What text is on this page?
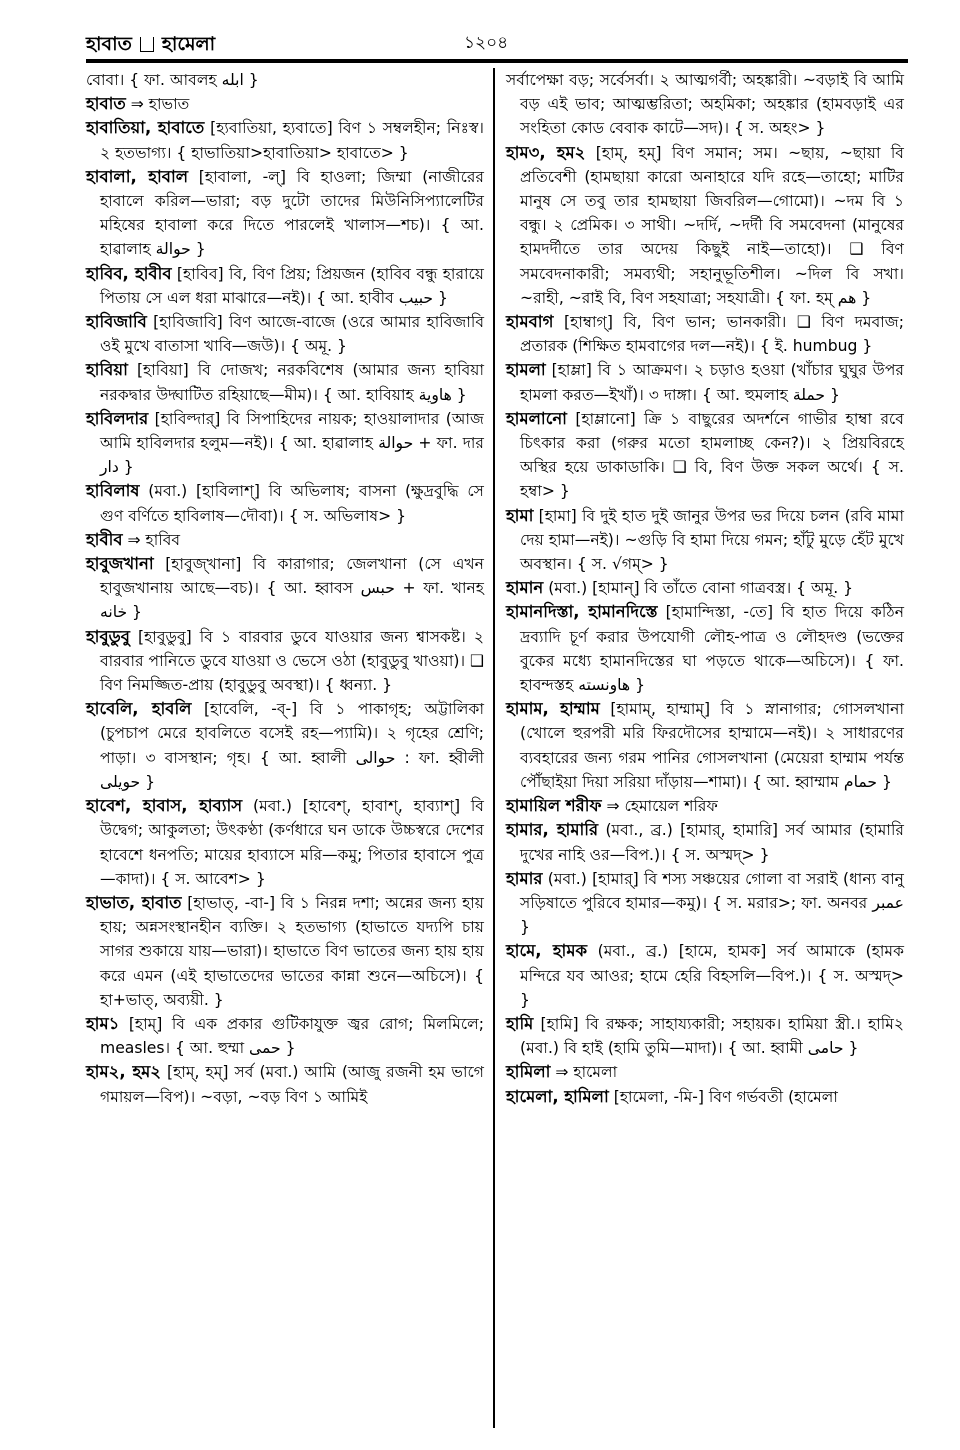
হাবাত হামেলা	১২০৪

বোবা। { ফা. আবলহ ابله }

হাবাত ⇒ হাভাত

হাবাতিয়া, হাবাতে [হ্যবাতিয়া, হ্যবাতে] বিণ ১ সম্বলহীন; নিঃস্ব। ২ হতভাগ্য। { হাভাতিয়া>হাবাতিয়া> হাবাতে> }

হাবালা, হাবাল [হাবালা, -ল্] বি হাওলা; জিম্মা (নাজীরের হাবালে করিল—ভারা; বড় দুটো তাদের মিউনিসিপ্যালেটির মহিষের হাবালা করে দিতে পারলেই খালাস—শচ)। { আ. হাৱালাহ حوالة }

হাবিব, হাবীব [হাবিব] বি, বিণ প্রিয়; প্রিয়জন (হাবিব বন্ধু হারায়ে পিতায় সে এল ধরা মাঝারে—নই)। { আ. হাবীব حبيب }

হাবিজাবি [হাবিজাবি] বিণ আজে-বাজে (ওরে আমার হাবিজাবি ওই মুখে বাতাসা খাবি—জউ)। { অমূ. }

হাবিয়া [হাবিয়া] বি দোজখ; নরকবিশেষ (আমার জন্য হাবিয়া নরকদ্বার উদ্ঘাটিত রহিয়াছে—মীম)। { আ. হাবিয়াহ هاوية }

হাবিলদার [হাবিল্দার্] বি সিপাহিদের নায়ক; হাওয়ালাদার (আজ আমি হাবিলদার হলুম—নই)। { আ. হাৱালাহ حوالة + ফা. দার دار }

হাবিলাষ (মবা.) [হাবিলাশ্] বি অভিলাষ; বাসনা (ক্ষুদ্রবুদ্ধি সে গুণ বর্ণিতে হাবিলাষ—দৌবা)। { স. অভিলাষ> }

হাবীব ⇒ হাবিব

হাবুজখানা [হাবুজ্খানা] বি কারাগার; জেলখানা (সে এখন হাবুজখানায় আছে—বচ)। { আ. হ্বাবস حبس + ফা. খানহ خانه }

হাবুডুবু [হাবুডুবু] বি ১ বারবার ডুবে যাওয়ার জন্য শ্বাসকষ্ট। ২ বারবার পানিতে ডুবে যাওয়া ও ভেসে ওঠা (হাবুডুবু খাওয়া)। ❑ বিণ নিমজ্জিত-প্রায় (হাবুডুবু অবস্থা)। { ধ্বন্যা. }

হাবেলি, হাবলি [হাবেলি, -ব্-] বি ১ পাকাগৃহ; অট্টালিকা (চুপচাপ মেরে হাবলিতে বসেই রহ—প্যামি)। ২ গৃহের শ্রেণি; পাড়া। ৩ বাসস্থান; গৃহ। { আ. হ্বালী حوالی : ফা. হ্বীলী حويلی }

হাবেশ, হাবাস, হাব্যাস (মবা.) [হাবেশ্, হাবাশ্, হাব্যাশ্] বি উদ্বেগ; আকুলতা; উৎকণ্ঠা (কর্ণধারে ঘন ডাকে উচ্চস্বরে দেশের হাবেশে ধনপতি; মায়ের হাব্যাসে মরি—কমু; পিতার হাবাসে পুত্র—কাদা)। { স. আবেশ> }

হাভাত, হাবাত [হাভাত্, -বা-] বি ১ নিরন্ন দশা; অন্নের জন্য হায় হায়; অন্নসংস্থানহীন ব্যক্তি। ২ হতভাগ্য (হাভাতে যদ্যপি চায় সাগর শুকায়ে যায়—ভারা)। হাভাতে বিণ ভাতের জন্য হায় হায় করে এমন (এই হাভাতেদের ভাতের কান্না শুনে—অচিসে)। { হা+ভাত্, অব্যয়ী. }

হাম১ [হাম্] বি এক প্রকার গুটিকাযুক্ত জ্বর রোগ; মিলমিলে; measles। { আ. হুম্মা حمی }

হাম২, হম২ [হাম্, হম্] সর্ব (মবা.) আমি (আজু রজনী হম ভাগে গমায়ল—বিপ)। ~বড়া, ~বড় বিণ ১ আমিই

সর্বাপেক্ষা বড়; সর্বেসর্বা। ২ আত্মগর্বী; অহঙ্কারী। ~বড়াই বি আমি বড় এই ভাব; আত্মম্ভরিতা; অহমিকা; অহঙ্কার (হামবড়াই এর সংহিতা কোড বেবাক কাটে—সদ)। { স. অহং> }

হাম৩, হম২ [হাম্, হম্] বিণ সমান; সম। ~ছায়, ~ছায়া বি প্রতিবেশী (হামছায়া কারো অনাহারে যদি রহে—তাহো; মাটির মানুষ সে তবু তার হামছায়া জিবরিল—গোমো)। ~দম বি ১ বন্ধু। ২ প্রেমিক। ৩ সাথী। ~দর্দি, ~দর্দী বি সমবেদনা (মানুষের হামদর্দীতে তার অদেয় কিছুই নাই—তাহো)। ❑ বিণ সমবেদনাকারী; সমব্যথী; সহানুভূতিশীল। ~দিল বি সখা। ~রাহী, ~রাই বি, বিণ সহযাত্রা; সহযাত্রী। { ফা. হম্ هم }

হামবাগ [হাম্বাগ্] বি, বিণ ভান; ভানকারী। ❑ বিণ দমবাজ; প্রতারক (শিক্ষিত হামবাগের দল—নই)। { ই. humbug }

হামলা [হাম্লা] বি ১ আক্রমণ। ২ চড়াও হওয়া (খাঁচার ঘুঘুর উপর হামলা করত—ইখাঁ)। ৩ দাঙ্গা। { আ. হুমলাহ حملة }

হামলানো [হাম্লানো] ক্রি ১ বাছুরের অদর্শনে গাভীর হাম্বা রবে চিৎকার করা (গরুর মতো হামলাচ্ছ কেন?)। ২ প্রিয়বিরহে অস্থির হয়ে ডাকাডাকি। ❑ বি, বিণ উক্ত সকল অর্থে। { স. হম্বা> }

হামা [হামা] বি দুই হাত দুই জানুর উপর ভর দিয়ে চলন (রবি মামা দেয় হামা—নই)। ~গুড়ি বি হামা দিয়ে গমন; হাঁটু মুড়ে হেঁট মুখে অবস্থান। { স. √গম্> }

হামান (মবা.) [হামান্] বি তাঁতে বোনা গাত্রবস্ত্র। { অমূ. }

হামানদিস্তা, হামানদিস্তে [হামান্দিস্তা, -তে] বি হাত দিয়ে কঠিন দ্রব্যাদি চূর্ণ করার উপযোগী লৌহ-পাত্র ও লৌহদণ্ড (ভক্তের বুকের মধ্যে হামানদিস্তের ঘা পড়তে থাকে—অচিসে)। { ফা. হাবন্দস্তহ هاونسته }

হামাম, হাম্মাম [হামাম্, হাম্মাম্] বি ১ স্নানাগার; গোসলখানা (খোলে হুরপরী মরি ফিরদৌসের হাম্মামে—নই)। ২ সাধারণের ব্যবহারের জন্য গরম পানির গোসলখানা (মেয়েরা হাম্মাম পর্যন্ত পৌঁছাইয়া দিয়া সরিয়া দাঁড়ায়—শামা)। { আ. হ্বাম্মাম حمام }

হামায়িল শরীফ ⇒ হেমায়েল শরিফ

হামার, হামারি (মবা., ব্র.) [হামার্, হামারি] সর্ব আমার (হামারি দুখের নাহি ওর—বিপ.)। { স. অস্মদ্> }

হামার (মবা.) [হামার্] বি শস্য সঞ্চয়ের গোলা বা সরাই (ধান্য বানু সড়িষাতে পুরিবে হামার—কমু)। { স. মরার>; ফা. অনবর عمبر }

হামে, হামক (মবা., ব্র.) [হামে, হামক] সর্ব আমাকে (হামক মন্দিরে যব আওর; হামে হেরি বিহসলি—বিপ.)। { স. অস্মদ্> }

হামি [হামি] বি রক্ষক; সাহায্যকারী; সহায়ক। হামিয়া স্ত্রী.। হামি২ (মবা.) বি হাই (হামি তুমি—মাদা)। { আ. হ্বামী حامی }

হামিলা ⇒ হামেলা

হামেলা, হামিলা [হামেলা, -মি-] বিণ গর্ভবতী (হামেলা
